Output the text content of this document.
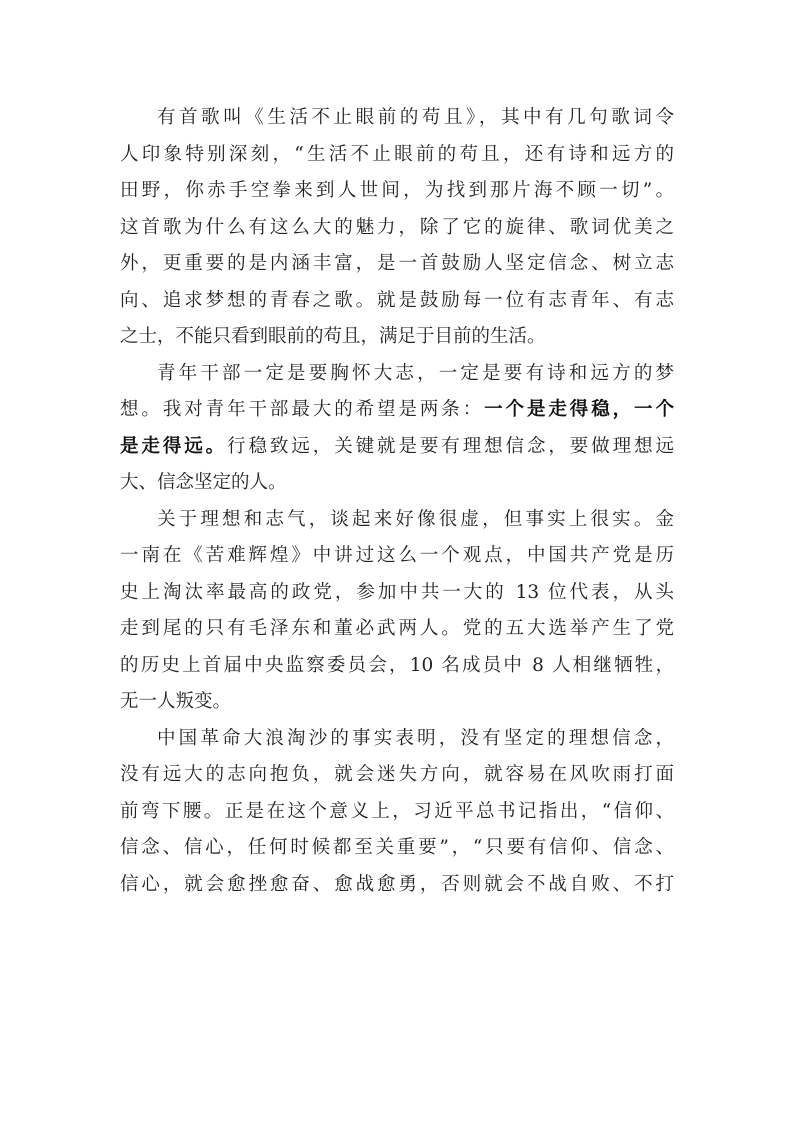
有首歌叫《生活不止眼前的苟且》，其中有几句歌词令
人印象特别深刻，“生活不止眼前的苟且，还有诗和远方的
田野，你赤手空拳来到人世间，为找到那片海不顾一切”。
这首歌为什么有这么大的魅力，除了它的旋律、歌词优美之
外，更重要的是内涵丰富，是一首鼓励人坚定信念、树立志
向、追求梦想的青春之歌。就是鼓励每一位有志青年、有志
之士，不能只看到眼前的苟且，满足于目前的生活。
青年干部一定是要胸怀大志，一定是要有诗和远方的梦
想。我对青年干部最大的希望是两条：一个是走得稳，一个
是走得远。行稳致远，关键就是要有理想信念，要做理想远
大、信念坚定的人。
关于理想和志气，谈起来好像很虚，但事实上很实。金
一南在《苦难辉煌》中讲过这么一个观点，中国共产党是历
史上淘汰率最高的政党，参加中共一大的 13 位代表，从头
走到尾的只有毛泽东和董必武两人。党的五大选举产生了党
的历史上首届中央监察委员会，10 名成员中 8 人相继牺牲，
无一人叛变。
中国革命大浪淘沙的事实表明，没有坚定的理想信念，
没有远大的志向抱负，就会迷失方向，就容易在风吹雨打面
前弯下腰。正是在这个意义上，习近平总书记指出，“信仰、
信念、信心，任何时候都至关重要”，“只要有信仰、信念、
信心，就会愈挫愈奋、愈战愈勇，否则就会不战自败、不打
